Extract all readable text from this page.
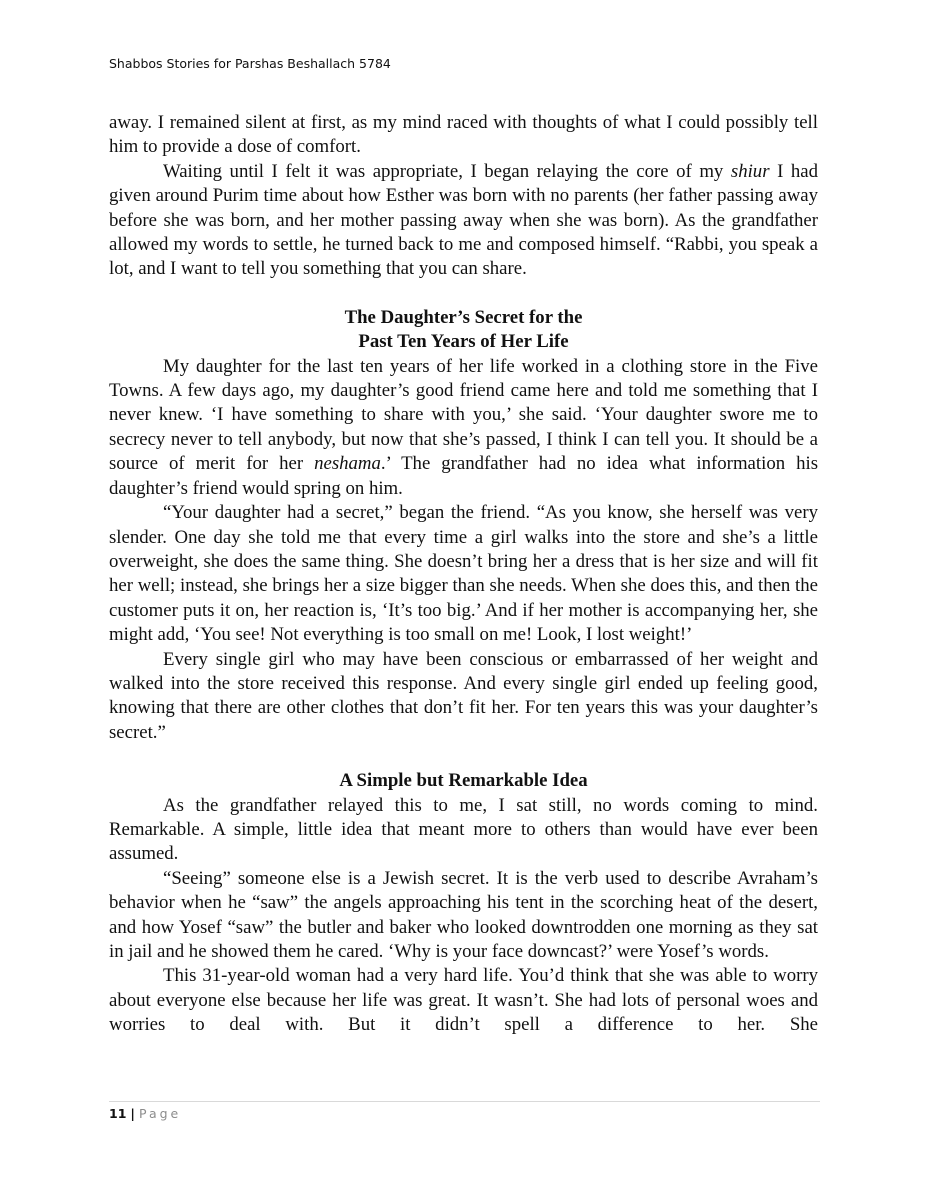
Shabbos Stories for Parshas Beshallach 5784

away. I remained silent at first, as my mind raced with thoughts of what I could possibly tell him to provide a dose of comfort.

Waiting until I felt it was appropriate, I began relaying the core of my shiur I had given around Purim time about how Esther was born with no parents (her father passing away before she was born, and her mother passing away when she was born). As the grandfather allowed my words to settle, he turned back to me and composed himself. “Rabbi, you speak a lot, and I want to tell you something that you can share.

The Daughter’s Secret for the
Past Ten Years of Her Life

My daughter for the last ten years of her life worked in a clothing store in the Five Towns. A few days ago, my daughter’s good friend came here and told me something that I never knew. ‘I have something to share with you,’ she said. ‘Your daughter swore me to secrecy never to tell anybody, but now that she’s passed, I think I can tell you. It should be a source of merit for her neshama.’ The grandfather had no idea what information his daughter’s friend would spring on him.

“Your daughter had a secret,” began the friend. “As you know, she herself was very slender. One day she told me that every time a girl walks into the store and she’s a little overweight, she does the same thing. She doesn’t bring her a dress that is her size and will fit her well; instead, she brings her a size bigger than she needs. When she does this, and then the customer puts it on, her reaction is, ‘It’s too big.’ And if her mother is accompanying her, she might add, ‘You see! Not everything is too small on me! Look, I lost weight!’

Every single girl who may have been conscious or embarrassed of her weight and walked into the store received this response. And every single girl ended up feeling good, knowing that there are other clothes that don’t fit her. For ten years this was your daughter’s secret.”

A Simple but Remarkable Idea

As the grandfather relayed this to me, I sat still, no words coming to mind. Remarkable. A simple, little idea that meant more to others than would have ever been assumed.

“Seeing” someone else is a Jewish secret. It is the verb used to describe Avraham’s behavior when he “saw” the angels approaching his tent in the scorching heat of the desert, and how Yosef “saw” the butler and baker who looked downtrodden one morning as they sat in jail and he showed them he cared. ‘Why is your face downcast?’ were Yosef’s words.

This 31-year-old woman had a very hard life. You’d think that she was able to worry about everyone else because her life was great. It wasn’t. She had lots of personal woes and worries to deal with. But it didn’t spell a difference to her. She

11 | Page
